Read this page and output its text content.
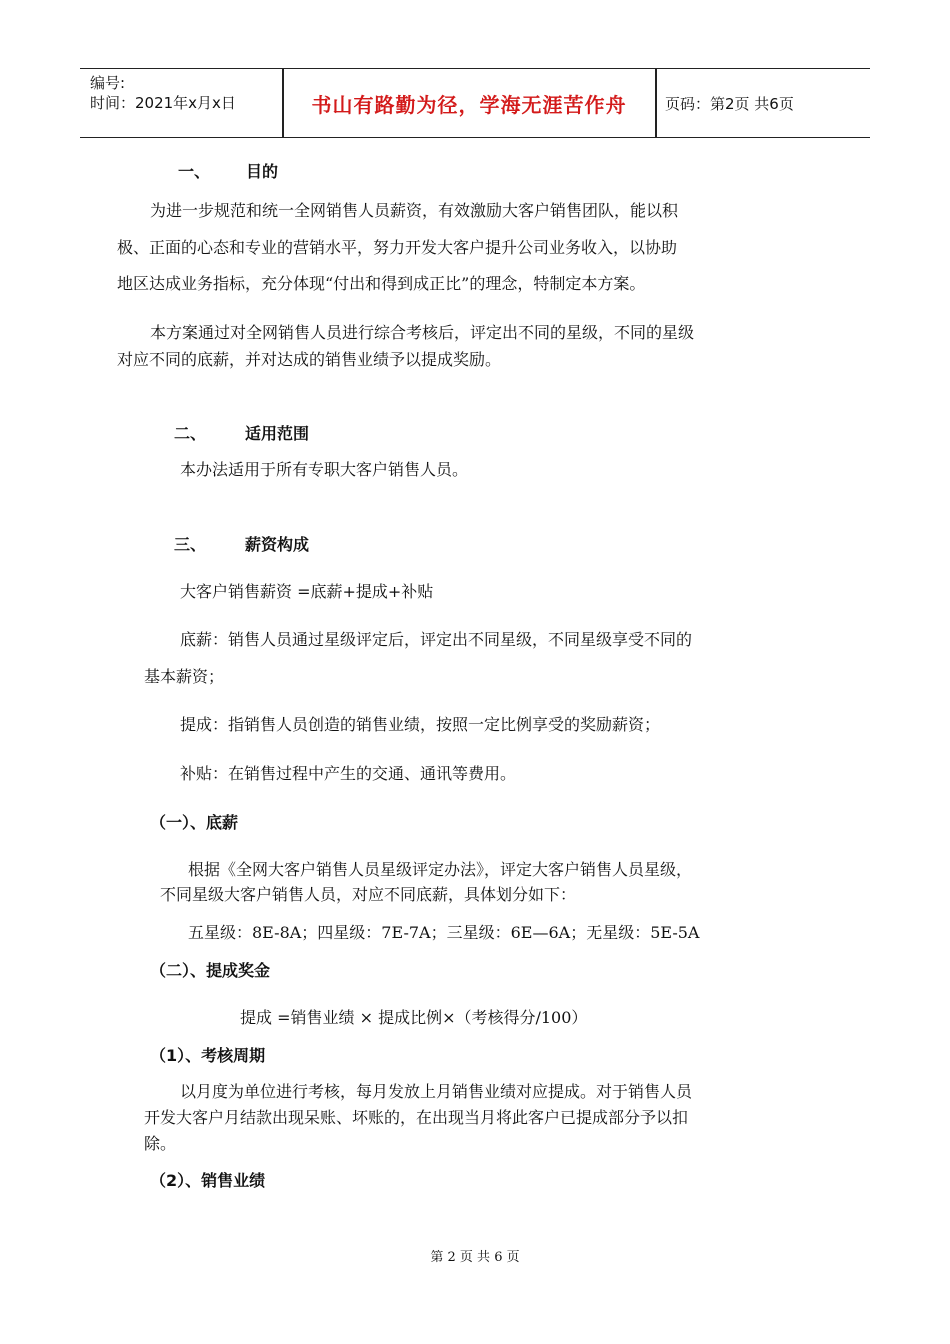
编号:
时间：2021年x月x日	书山有路勤为径，学海无涯苦作舟	页码：第2页 共6页
一、 目的
为进一步规范和统一全网销售人员薪资，有效激励大客户销售团队，能以积
极、正面的心态和专业的营销水平，努力开发大客户提升公司业务收入，以协助
地区达成业务指标，充分体现“付出和得到成正比”的理念，特制定本方案。
本方案通过对全网销售人员进行综合考核后，评定出不同的星级，不同的星级
对应不同的底薪，并对达成的销售业绩予以提成奖励。
二、 适用范围
本办法适用于所有专职大客户销售人员。
三、 薪资构成
大客户销售薪资 =底薪+提成+补贴
底薪：销售人员通过星级评定后，评定出不同星级，不同星级享受不同的
基本薪资；
提成：指销售人员创造的销售业绩，按照一定比例享受的奖励薪资；
补贴：在销售过程中产生的交通、通讯等费用。
（一）、底薪
根据《全网大客户销售人员星级评定办法》，评定大客户销售人员星级，
不同星级大客户销售人员，对应不同底薪，具体划分如下：
五星级：8E-8A；四星级：7E-7A；三星级：6E—6A；无星级：5E-5A
（二）、提成奖金
提成 =销售业绩 × 提成比例×（考核得分/100）
（1）、考核周期
以月度为单位进行考核，每月发放上月销售业绩对应提成。对于销售人员
开发大客户月结款出现呆账、坏账的，在出现当月将此客户已提成部分予以扣
除。
（2）、销售业绩
第 2 页 共 6 页
